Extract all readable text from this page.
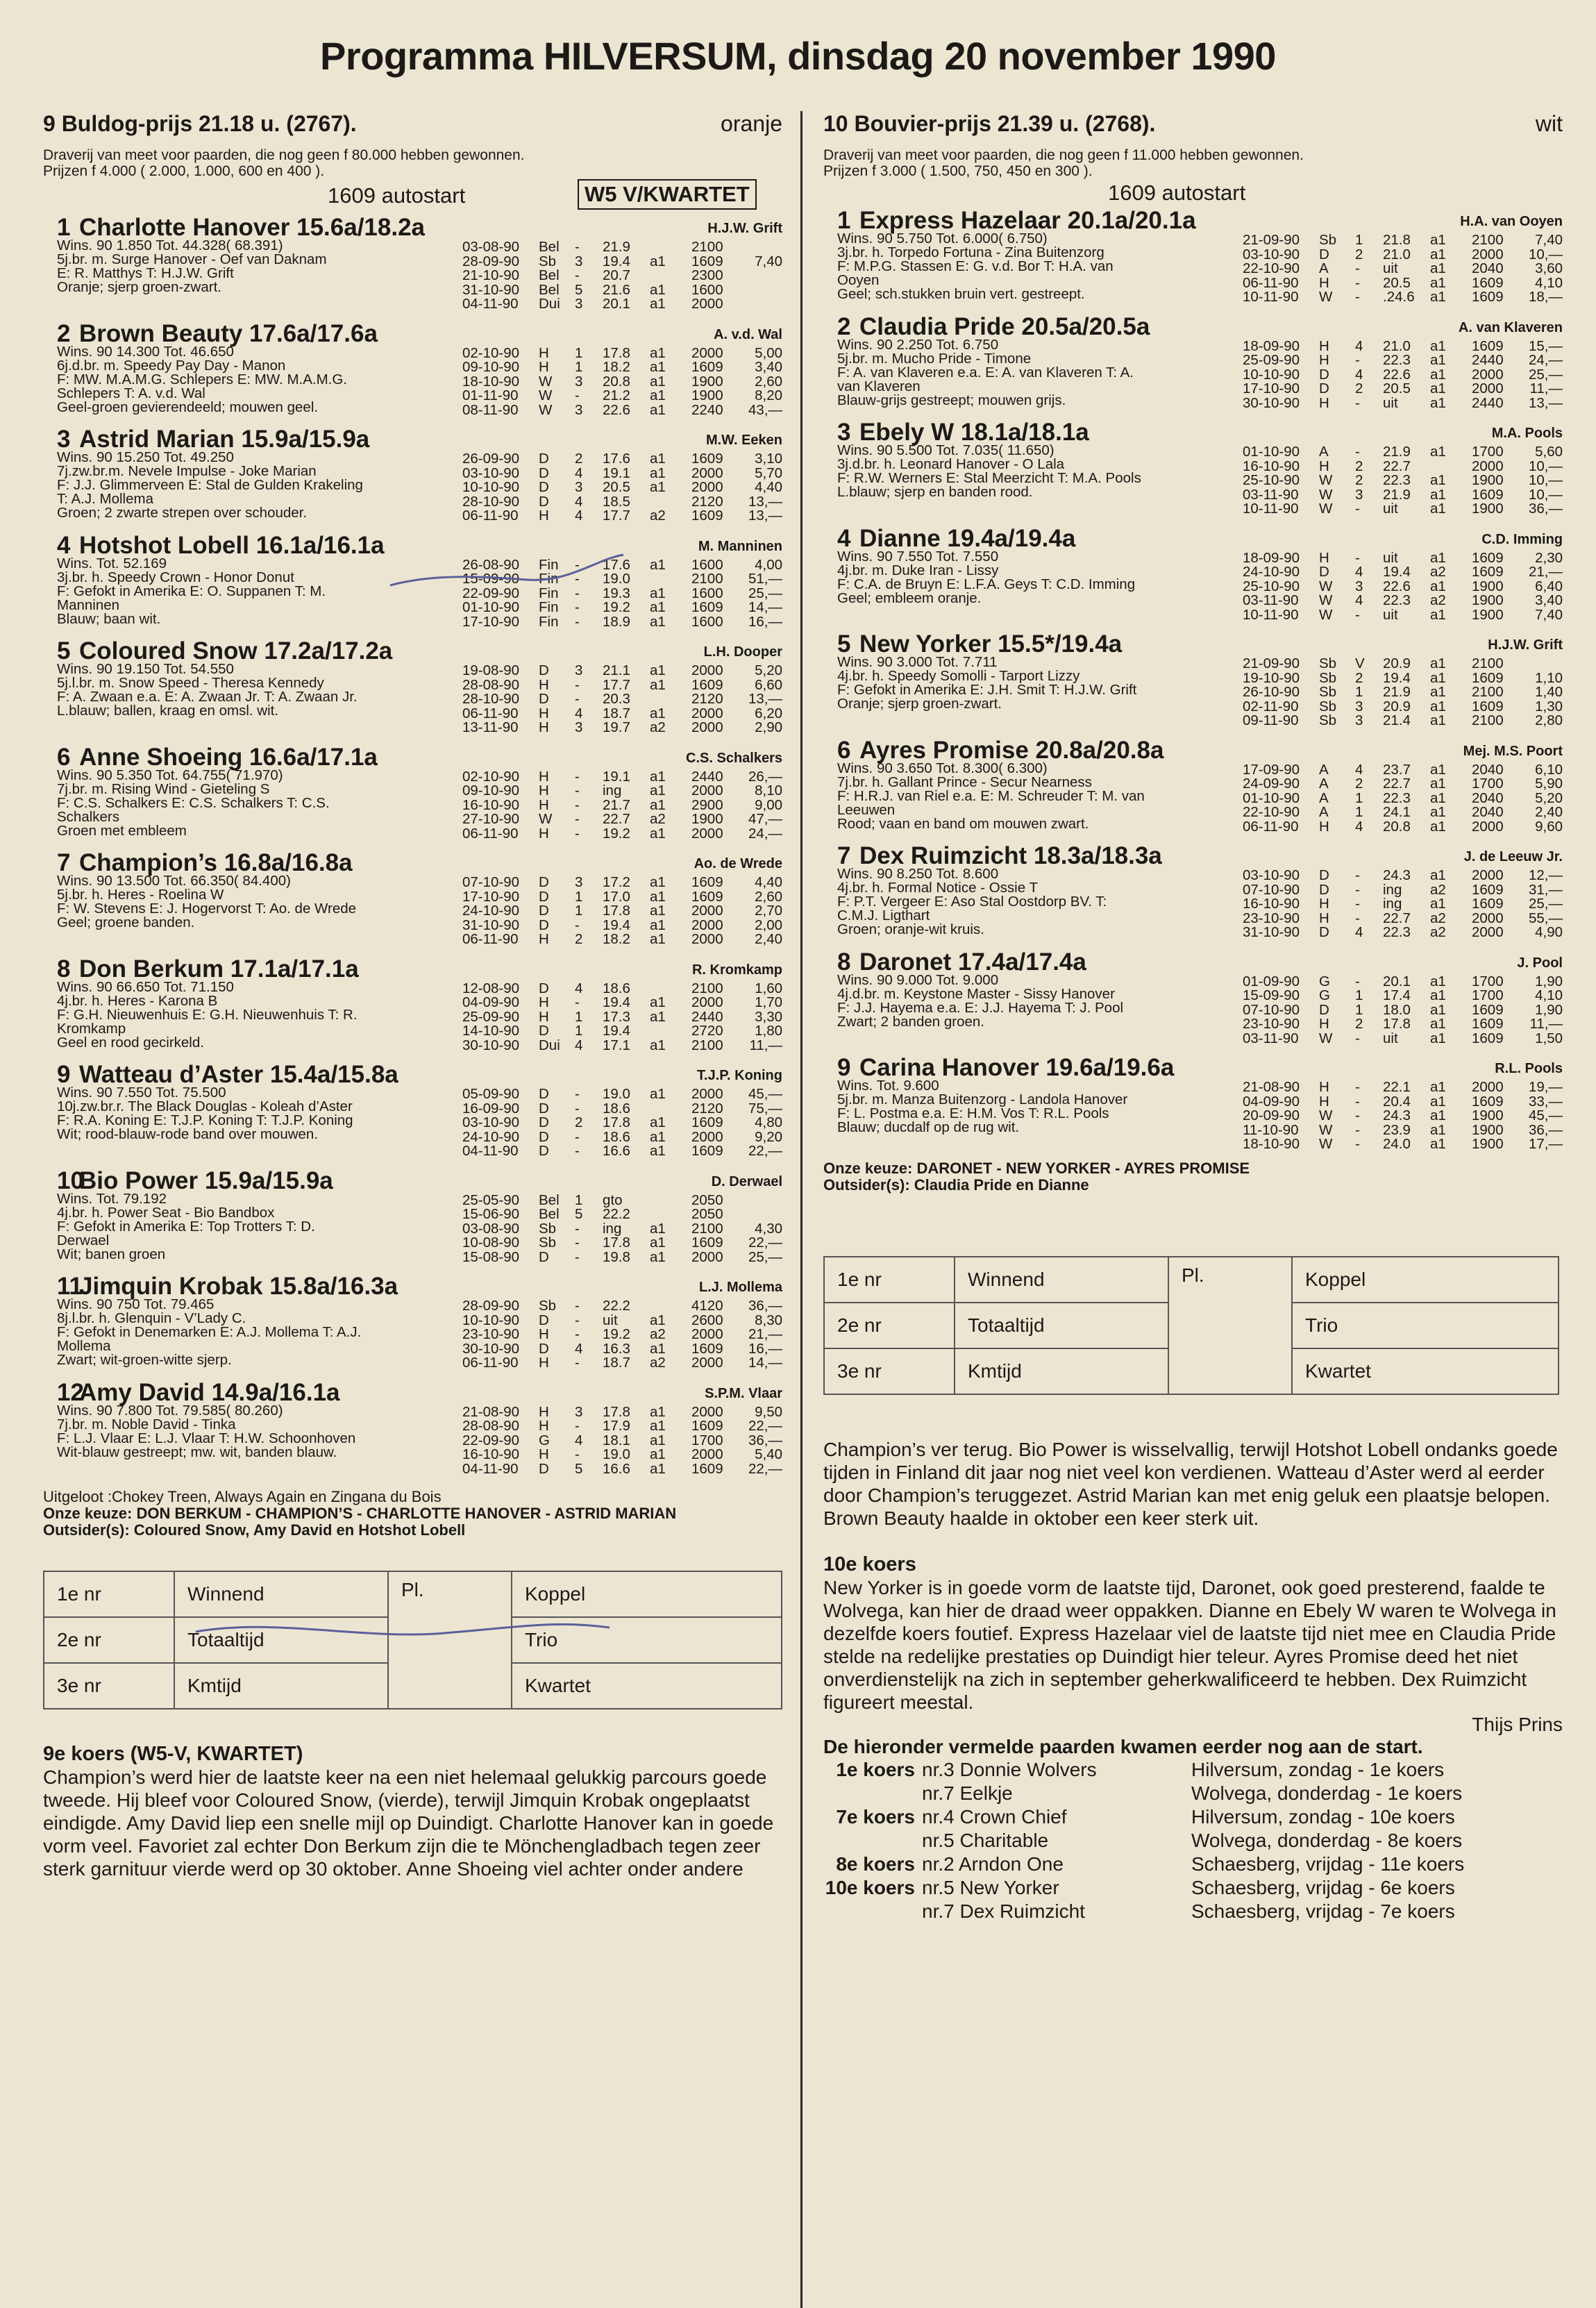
Programma HILVERSUM, dinsdag 20 november 1990
9 Buldog-prijs 21.18 u. (2767).	oranje
Draverij van meet voor paarden, die nog geen f 80.000 hebben gewonnen.
Prijzen f 4.000 ( 2.000, 1.000, 600 en 400 ).
1609 autostart	W5 V/KWARTET
1 Charlotte Hanover 15.6a/18.2a	H.J.W. Grift
Wins. 90 1.850 Tot. 44.328( 68.391)
5j.br. m. Surge Hanover - Oef van Daknam
E: R. Matthys T: H.J.W. Grift
Oranje; sjerp groen-zwart.
03-08-90 Bel - 21.9	2100
28-09-90 Sb 3 19.4 a1 1609 7,40
21-10-90 Bel - 20.7	2300
31-10-90 Bel 5 21.6 a1 1600
04-11-90 Dui 3 20.1 a1 2000
2 Brown Beauty 17.6a/17.6a	A. v.d. Wal
Wins. 90 14.300 Tot. 46.650
6j.d.br. m. Speedy Pay Day - Manon
F: MW. M.A.M.G. Schlepers E: MW. M.A.M.G.
Schlepers T: A. v.d. Wal
Geel-groen gevierendeeld; mouwen geel.
02-10-90 H 1 17.8 a1 2000 5,00
09-10-90 H 1 18.2 a1 1609 3,40
18-10-90 W 3 20.8 a1 1900 2,60
01-11-90 W - 21.2 a1 1900 8,20
08-11-90 W 3 22.6 a1 2240 43,—
3 Astrid Marian 15.9a/15.9a	M.W. Eeken
Wins. 90 15.250 Tot. 49.250
7j.zw.br.m. Nevele Impulse - Joke Marian
F: J.J. Glimmerveen E: Stal de Gulden Krakeling
T: A.J. Mollema
Groen; 2 zwarte strepen over schouder.
26-09-90 D 2 17.6 a1 1609 3,10
03-10-90 D 4 19.1 a1 2000 5,70
10-10-90 D 3 20.5 a1 2000 4,40
28-10-90 D 4 18.5	2120 13,—
06-11-90 H 4 17.7 a2 1609 13,—
4 Hotshot Lobell 16.1a/16.1a	M. Manninen
Wins. Tot. 52.169
3j.br. h. Speedy Crown - Honor Donut
F: Gefokt in Amerika E: O. Suppanen T: M.
Manninen
Blauw; baan wit.
26-08-90 Fin - 17.6 a1 1600 4,00
15-09-90 Fin - 19.0	2100 51,—
22-09-90 Fin - 19.3 a1 1600 25,—
01-10-90 Fin - 19.2 a1 1609 14,—
17-10-90 Fin - 18.9 a1 1600 16,—
5 Coloured Snow 17.2a/17.2a	L.H. Dooper
Wins. 90 19.150 Tot. 54.550
5j.l.br. m. Snow Speed - Theresa Kennedy
F: A. Zwaan e.a. E: A. Zwaan Jr. T: A. Zwaan Jr.
L.blauw; ballen, kraag en omsl. wit.
19-08-90 D 3 21.1 a1 2000 5,20
28-08-90 H - 17.7 a1 1609 6,60
28-10-90 D - 20.3	2120 13,—
06-11-90 H 4 18.7 a1 2000 6,20
13-11-90 H 3 19.7 a2 2000 2,90
6 Anne Shoeing 16.6a/17.1a	C.S. Schalkers
Wins. 90 5.350 Tot. 64.755( 71.970)
7j.br. m. Rising Wind - Gieteling S
F: C.S. Schalkers E: C.S. Schalkers T: C.S.
Schalkers
Groen met embleem
02-10-90 H - 19.1 a1 2440 26,—
09-10-90 H - ing a1 2000 8,10
16-10-90 H - 21.7 a1 2900 9,00
27-10-90 W - 22.7 a2 1900 47,—
06-11-90 H - 19.2 a1 2000 24,—
7 Champion’s 16.8a/16.8a	Ao. de Wrede
Wins. 90 13.500 Tot. 66.350( 84.400)
5j.br. h. Heres - Roelina W
F: W. Stevens E: J. Hogervorst T: Ao. de Wrede
Geel; groene banden.
07-10-90 D 3 17.2 a1 1609 4,40
17-10-90 D 1 17.0 a1 1609 2,60
24-10-90 D 1 17.8 a1 2000 2,70
31-10-90 D - 19.4 a1 2000 2,00
06-11-90 H 2 18.2 a1 2000 2,40
8 Don Berkum 17.1a/17.1a	R. Kromkamp
Wins. 90 66.650 Tot. 71.150
4j.br. h. Heres - Karona B
F: G.H. Nieuwenhuis E: G.H. Nieuwenhuis T: R.
Kromkamp
Geel en rood gecirkeld.
12-08-90 D 4 18.6	2100 1,60
04-09-90 H - 19.4 a1 2000 1,70
25-09-90 H 1 17.3 a1 2440 3,30
14-10-90 D 1 19.4	2720 1,80
30-10-90 Dui 4 17.1 a1 2100 11,—
9 Watteau d’Aster 15.4a/15.8a	T.J.P. Koning
Wins. 90 7.550 Tot. 75.500
10j.zw.br.r. The Black Douglas - Koleah d’Aster
F: R.A. Koning E: T.J.P. Koning T: T.J.P. Koning
Wit; rood-blauw-rode band over mouwen.
05-09-90 D - 19.0 a1 2000 45,—
16-09-90 D - 18.6	2120 75,—
03-10-90 D 2 17.8 a1 1609 4,80
24-10-90 D - 18.6 a1 2000 9,20
04-11-90 D - 16.6 a1 1609 22,—
10Bio Power 15.9a/15.9a	D. Derwael
Wins. Tot. 79.192
4j.br. h. Power Seat - Bio Bandbox
F: Gefokt in Amerika E: Top Trotters T: D.
Derwael
Wit; banen groen
25-05-90 Bel 1 gto	2050
15-06-90 Bel 5 22.2	2050
03-08-90 Sb - ing a1 2100 4,30
10-08-90 Sb - 17.8 a1 1609 22,—
15-08-90 D - 19.8 a1 2000 25,—
11Jimquin Krobak 15.8a/16.3a	L.J. Mollema
Wins. 90 750 Tot. 79.465
8j.l.br. h. Glenquin - V’Lady C.
F: Gefokt in Denemarken E: A.J. Mollema T: A.J.
Mollema
Zwart; wit-groen-witte sjerp.
28-09-90 Sb - 22.2	4120 36,—
10-10-90 D - uit a1 2600 8,30
23-10-90 H - 19.2 a2 2000 21,—
30-10-90 D 4 16.3 a1 1609 16,—
06-11-90 H - 18.7 a2 2000 14,—
12Amy David 14.9a/16.1a	S.P.M. Vlaar
Wins. 90 7.800 Tot. 79.585( 80.260)
7j.br. m. Noble David - Tinka
F: L.J. Vlaar E: L.J. Vlaar T: H.W. Schoonhoven
Wit-blauw gestreept; mw. wit, banden blauw.
21-08-90 H 3 17.8 a1 2000 9,50
28-08-90 H - 17.9 a1 1609 22,—
22-09-90 G 4 18.1 a1 1700 36,—
16-10-90 H - 19.0 a1 2000 5,40
04-11-90 D 5 16.6 a1 1609 22,—
Uitgeloot :Chokey Treen, Always Again en Zingana du Bois
Onze keuze: DON BERKUM - CHAMPION’S - CHARLOTTE HANOVER - ASTRID MARIAN
Outsider(s): Coloured Snow, Amy David en Hotshot Lobell
1e nr	Winnend	Pl.	Koppel
2e nr	Totaaltijd		Trio
3e nr	Kmtijd		Kwartet
9e koers (W5-V, KWARTET)
Champion’s werd hier de laatste keer na een niet helemaal gelukkig parcours goede tweede. Hij bleef voor Coloured Snow, (vierde), terwijl Jimquin Krobak ongeplaatst eindigde. Amy David liep een snelle mijl op Duindigt. Charlotte Hanover kan in goede vorm veel. Favoriet zal echter Don Berkum zijn die te Mönchengladbach tegen zeer sterk garnituur vierde werd op 30 oktober. Anne Shoeing viel achter onder andere
10 Bouvier-prijs 21.39 u. (2768).	wit
Draverij van meet voor paarden, die nog geen f 11.000 hebben gewonnen.
Prijzen f 3.000 ( 1.500, 750, 450 en 300 ).
1609 autostart
1 Express Hazelaar 20.1a/20.1a	H.A. van Ooyen
Wins. 90 5.750 Tot. 6.000( 6.750)
3j.br. h. Torpedo Fortuna - Zina Buitenzorg
F: M.P.G. Stassen E: G. v.d. Bor T: H.A. van
Ooyen
Geel; sch.stukken bruin vert. gestreept.
21-09-90 Sb 1 21.8 a1 2100 7,40
03-10-90 D 2 21.0 a1 2000 10,—
22-10-90 A - uit a1 2040 3,60
06-11-90 H - 20.5 a1 1609 4,10
10-11-90 W - .24.6 a1 1609 18,—
2 Claudia Pride 20.5a/20.5a	A. van Klaveren
Wins. 90 2.250 Tot. 6.750
5j.br. m. Mucho Pride - Timone
F: A. van Klaveren e.a. E: A. van Klaveren T: A.
van Klaveren
Blauw-grijs gestreept; mouwen grijs.
18-09-90 H 4 21.0 a1 1609 15,—
25-09-90 H - 22.3 a1 2440 24,—
10-10-90 D 4 22.6 a1 2000 25,—
17-10-90 D 2 20.5 a1 2000 11,—
30-10-90 H - uit a1 2440 13,—
3 Ebely W 18.1a/18.1a	M.A. Pools
Wins. 90 5.500 Tot. 7.035( 11.650)
3j.d.br. h. Leonard Hanover - O Lala
F: R.W. Werners E: Stal Meerzicht T: M.A. Pools
L.blauw; sjerp en banden rood.
01-10-90 A - 21.9 a1 1700 5,60
16-10-90 H 2 22.7	2000 10,—
25-10-90 W 2 22.3 a1 1900 10,—
03-11-90 W 3 21.9 a1 1609 10,—
10-11-90 W - uit a1 1900 36,—
4 Dianne 19.4a/19.4a	C.D. Imming
Wins. 90 7.550 Tot. 7.550
4j.br. m. Duke Iran - Lissy
F: C.A. de Bruyn E: L.F.A. Geys T: C.D. Imming
Geel; embleem oranje.
18-09-90 H - uit a1 1609 2,30
24-10-90 D 4 19.4 a2 1609 21,—
25-10-90 W 3 22.6 a1 1900 6,40
03-11-90 W 4 22.3 a2 1900 3,40
10-11-90 W - uit a1 1900 7,40
5 New Yorker 15.5*/19.4a	H.J.W. Grift
Wins. 90 3.000 Tot. 7.711
4j.br. h. Speedy Somolli - Tarport Lizzy
F: Gefokt in Amerika E: J.H. Smit T: H.J.W. Grift
Oranje; sjerp groen-zwart.
21-09-90 Sb V 20.9 a1 2100
19-10-90 Sb 2 19.4 a1 1609 1,10
26-10-90 Sb 1 21.9 a1 2100 1,40
02-11-90 Sb 3 20.9 a1 1609 1,30
09-11-90 Sb 3 21.4 a1 2100 2,80
6 Ayres Promise 20.8a/20.8a	Mej. M.S. Poort
Wins. 90 3.650 Tot. 8.300( 6.300)
7j.br. h. Gallant Prince - Secur Nearness
F: H.R.J. van Riel e.a. E: M. Schreuder T: M. van
Leeuwen
Rood; vaan en band om mouwen zwart.
17-09-90 A 4 23.7 a1 2040 6,10
24-09-90 A 2 22.7 a1 1700 5,90
01-10-90 A 1 22.3 a1 2040 5,20
22-10-90 A 1 24.1 a1 2040 2,40
06-11-90 H 4 20.8 a1 2000 9,60
7 Dex Ruimzicht 18.3a/18.3a	J. de Leeuw Jr.
Wins. 90 8.250 Tot. 8.600
4j.br. h. Formal Notice - Ossie T
F: P.T. Vergeer E: Aso Stal Oostdorp BV. T:
C.M.J. Ligthart
Groen; oranje-wit kruis.
03-10-90 D - 24.3 a1 2000 12,—
07-10-90 D - ing a2 1609 31,—
16-10-90 H - ing a1 1609 25,—
23-10-90 H - 22.7 a2 2000 55,—
31-10-90 D 4 22.3 a2 2000 4,90
8 Daronet 17.4a/17.4a	J. Pool
Wins. 90 9.000 Tot. 9.000
4j.d.br. m. Keystone Master - Sissy Hanover
F: J.J. Hayema e.a. E: J.J. Hayema T: J. Pool
Zwart; 2 banden groen.
01-09-90 G - 20.1 a1 1700 1,90
15-09-90 G 1 17.4 a1 1700 4,10
07-10-90 D 1 18.0 a1 1609 1,90
23-10-90 H 2 17.8 a1 1609 11,—
03-11-90 W - uit a1 1609 1,50
9 Carina Hanover 19.6a/19.6a	R.L. Pools
Wins. Tot. 9.600
5j.br. m. Manza Buitenzorg - Landola Hanover
F: L. Postma e.a. E: H.M. Vos T: R.L. Pools
Blauw; ducdalf op de rug wit.
21-08-90 H - 22.1 a1 2000 19,—
04-09-90 H - 20.4 a1 1609 33,—
20-09-90 W - 24.3 a1 1900 45,—
11-10-90 W - 23.9 a1 1900 36,—
18-10-90 W - 24.0 a1 1900 17,—
Onze keuze: DARONET - NEW YORKER - AYRES PROMISE
Outsider(s): Claudia Pride en Dianne
1e nr	Winnend	Pl.	Koppel
2e nr	Totaaltijd		Trio
3e nr	Kmtijd		Kwartet
Champion’s ver terug. Bio Power is wisselvallig, terwijl Hotshot Lobell ondanks goede tijden in Finland dit jaar nog niet veel kon verdienen. Watteau d’Aster werd al eerder door Champion’s teruggezet. Astrid Marian kan met enig geluk een plaatsje belopen. Brown Beauty haalde in oktober een keer sterk uit.
10e koers
New Yorker is in goede vorm de laatste tijd, Daronet, ook goed presterend, faalde te Wolvega, kan hier de draad weer oppakken. Dianne en Ebely W waren te Wolvega in dezelfde koers foutief. Express Hazelaar viel de laatste tijd niet mee en Claudia Pride stelde na redelijke prestaties op Duindigt hier teleur. Ayres Promise deed het niet onverdienstelijk na zich in september geherkwalificeerd te hebben. Dex Ruimzicht figureert meestal.
Thijs Prins
De hieronder vermelde paarden kwamen eerder nog aan de start.
1e koers nr.3 Donnie Wolvers	Hilversum, zondag - 1e koers
nr.7 Eelkje	Wolvega, donderdag - 1e koers
7e koers nr.4 Crown Chief	Hilversum, zondag - 10e koers
nr.5 Charitable	Wolvega, donderdag - 8e koers
8e koers nr.2 Arndon One	Schaesberg, vrijdag - 11e koers
10e koers nr.5 New Yorker	Schaesberg, vrijdag - 6e koers
nr.7 Dex Ruimzicht	Schaesberg, vrijdag - 7e koers
